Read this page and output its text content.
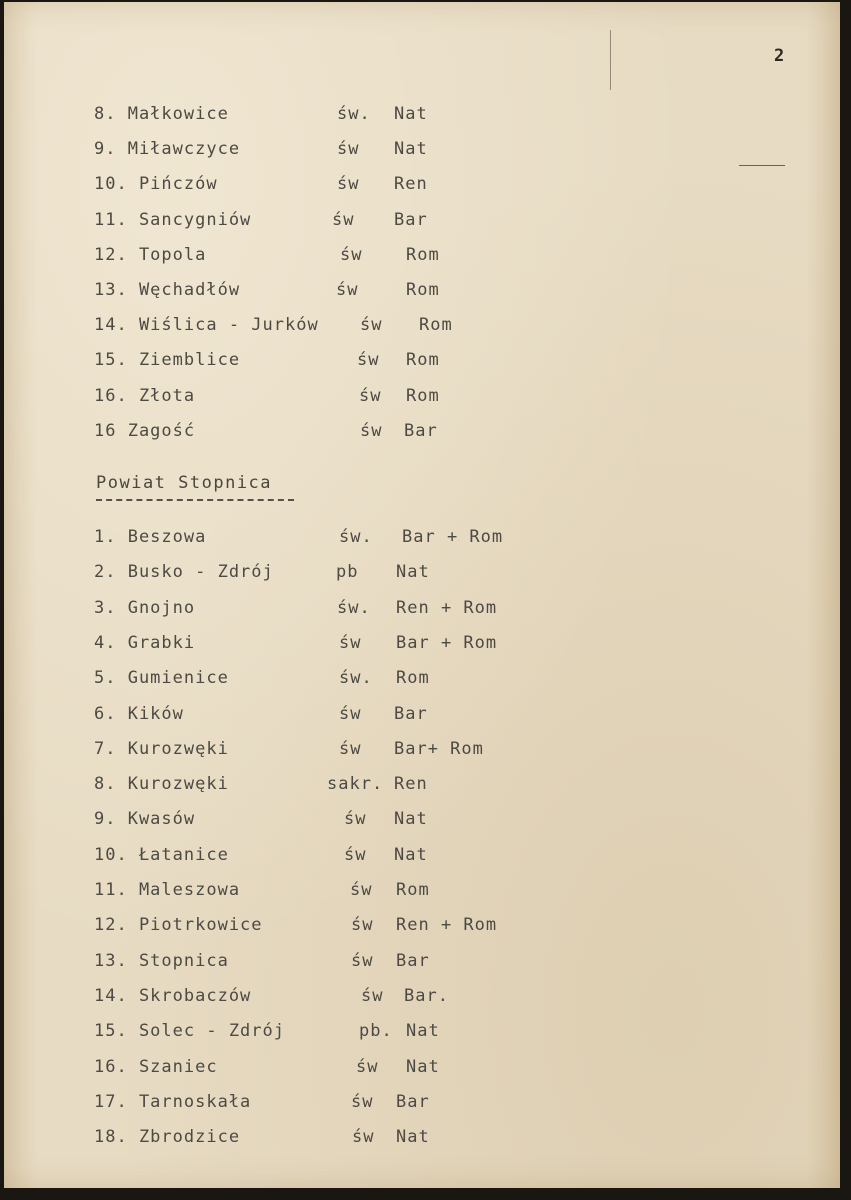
2
8. Małkowice	św. Nat
9. Miławczyce	św Nat
10. Pińczów	św Ren
11. Sancygniów	św Bar
12. Topola	św	Rom
13. Węchadłów	św	Rom
14. Wiślica - Jurków św Rom
15. Ziemblice	św Rom
16. Złota	św Rom
16 Zagość	św Bar
Powiat Stopnica
1. Beszowa	św. Bar + Rom
2. Busko - Zdrój	pb Nat
3. Gnojno	św. Ren + Rom
4. Grabki	św Bar + Rom
5. Gumienice	św. Rom
6. Kików	św Bar
7. Kurozwęki	św Bar+ Rom
8. Kurozwęki	sakr. Ren
9. Kwasów	św Nat
10. Łatanice	św Nat
11. Maleszowa	św Rom
12. Piotrkowice	św Ren + Rom
13. Stopnica	św Bar
14. Skrobaczów	św Bar.
15. Solec - Zdrój	pb. Nat
16. Szaniec	św Nat
17. Tarnoskała	św Bar
18. Zbrodzice	św Nat
